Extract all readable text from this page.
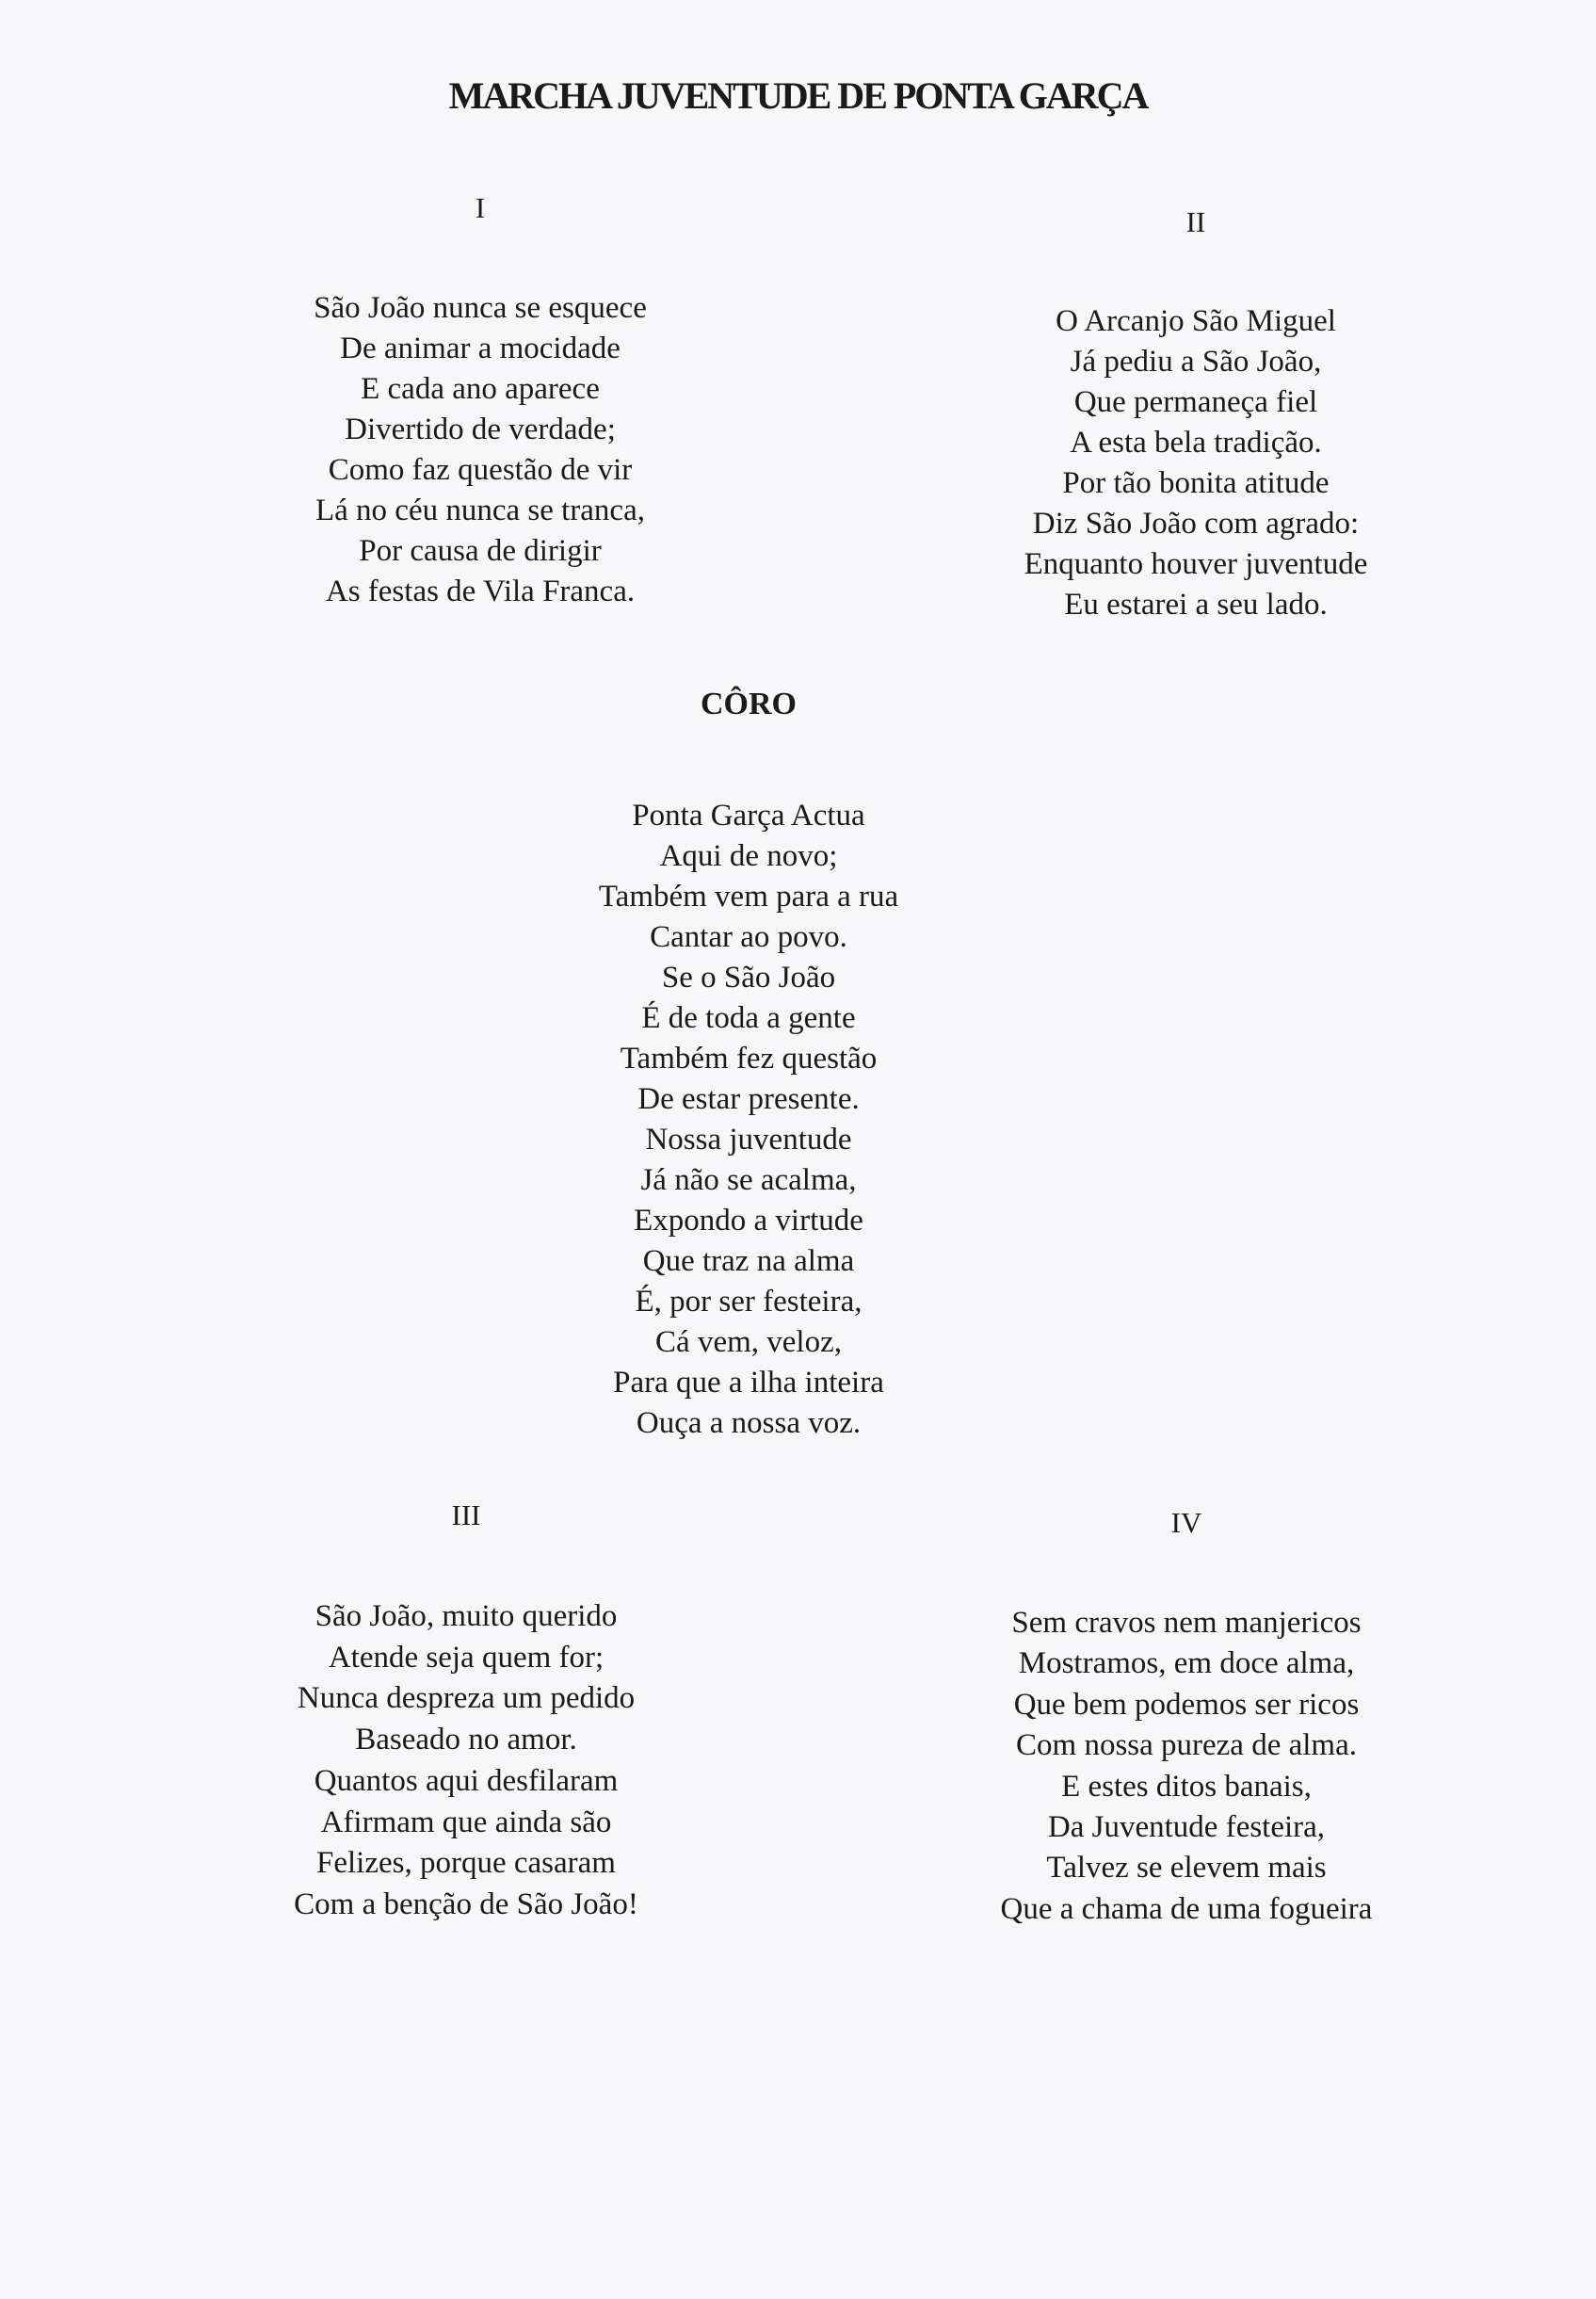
MARCHA JUVENTUDE DE PONTA GARÇA

I

São João nunca se esquece
De animar a mocidade
E cada ano aparece
Divertido de verdade;
Como faz questão de vir
Lá no céu nunca se tranca,
Por causa de dirigir
As festas de Vila Franca.

II

O Arcanjo São Miguel
Já pediu a São João,
Que permaneça fiel
A esta bela tradição.
Por tão bonita atitude
Diz São João com agrado:
Enquanto houver juventude
Eu estarei a seu lado.

CÔRO

Ponta Garça Actua
Aqui de novo;
Também vem para a rua
Cantar ao povo.
Se o São João
É de toda a gente
Também fez questão
De estar presente.
Nossa juventude
Já não se acalma,
Expondo a virtude
Que traz na alma
É, por ser festeira,
Cá vem, veloz,
Para que a ilha inteira
Ouça a nossa voz.

III

São João, muito querido
Atende seja quem for;
Nunca despreza um pedido
Baseado no amor.
Quantos aqui desfilaram
Afirmam que ainda são
Felizes, porque casaram
Com a benção de São João!

IV

Sem cravos nem manjericos
Mostramos, em doce alma,
Que bem podemos ser ricos
Com nossa pureza de alma.
E estes ditos banais,
Da Juventude festeira,
Talvez se elevem mais
Que a chama de uma fogueira
